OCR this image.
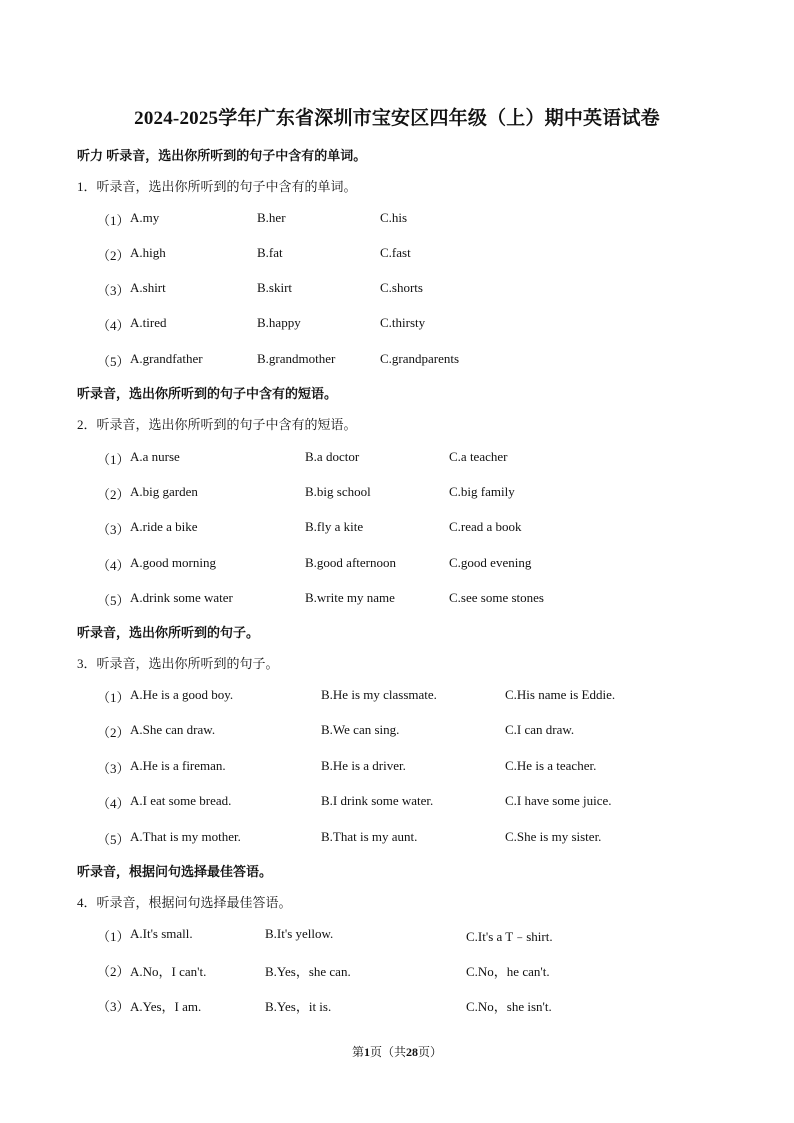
2024-2025学年广东省深圳市宝安区四年级（上）期中英语试卷
听力 听录音，选出你所听到的句子中含有的单词。
1．听录音，选出你所听到的句子中含有的单词。
（1） A.my	B.her	C.his
（2） A.high	B.fat	C.fast
（3） A.shirt	B.skirt	C.shorts
（4） A.tired	B.happy	C.thirsty
（5） A.grandfather	B.grandmother	C.grandparents
听录音，选出你所听到的句子中含有的短语。
2．听录音，选出你所听到的句子中含有的短语。
（1） A.a nurse	B.a doctor	C.a teacher
（2） A.big garden	B.big school	C.big family
（3） A.ride a bike	B.fly a kite	C.read a book
（4） A.good morning	B.good afternoon	C.good evening
（5） A.drink some water	B.write my name	C.see some stones
听录音，选出你所听到的句子。
3．听录音，选出你所听到的句子。
（1） A.He is a good boy.	B.He is my classmate.	C.His name is Eddie.
（2） A.She can draw.	B.We can sing.	C.I can draw.
（3） A.He is a fireman.	B.He is a driver.	C.He is a teacher.
（4） A.I eat some bread.	B.I drink some water.	C.I have some juice.
（5） A.That is my mother.	B.That is my aunt.	C.She is my sister.
听录音，根据问句选择最佳答语。
4．听录音，根据问句选择最佳答语。
（1） A.It's small.	B.It's yellow.	C.It's a T﹣shirt.
（2） A.No，I can't.	B.Yes，she can.	C.No，he can't.
（3） A.Yes，I am.	B.Yes，it is.	C.No，she isn't.
第1页（共28页）
